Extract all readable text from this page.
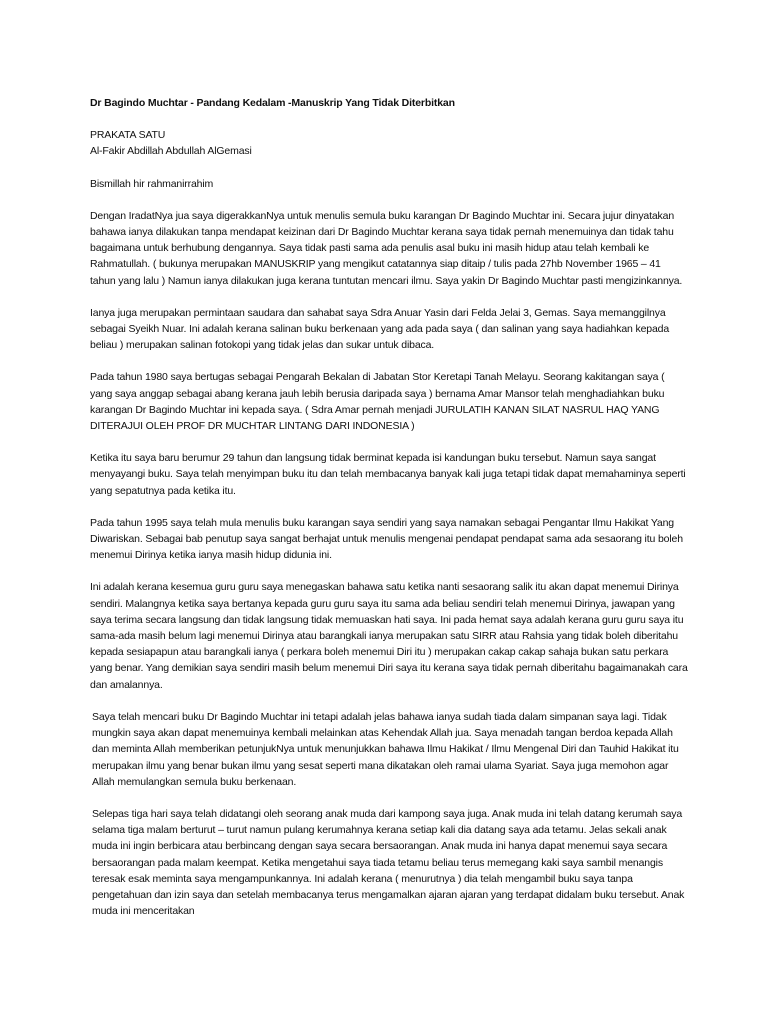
Dr Bagindo Muchtar - Pandang Kedalam -Manuskrip Yang Tidak Diterbitkan
PRAKATA SATU
Al-Fakir Abdillah Abdullah AlGemasi

Bismillah hir rahmanirrahim

Dengan IradatNya jua saya digerakkanNya untuk menulis semula buku karangan Dr Bagindo Muchtar ini. Secara jujur dinyatakan bahawa ianya dilakukan tanpa mendapat keizinan dari Dr Bagindo Muchtar kerana saya tidak pernah menemuinya dan tidak tahu bagaimana untuk berhubung dengannya. Saya tidak pasti sama ada penulis asal buku ini masih hidup atau telah kembali ke Rahmatullah. ( bukunya merupakan MANUSKRIP yang mengikut catatannya siap ditaip / tulis pada 27hb November 1965 – 41 tahun yang lalu ) Namun ianya dilakukan juga kerana tuntutan mencari ilmu. Saya yakin Dr Bagindo Muchtar pasti mengizinkannya.

Ianya juga merupakan permintaan saudara dan sahabat saya Sdra Anuar Yasin dari Felda Jelai 3, Gemas. Saya memanggilnya sebagai Syeikh Nuar. Ini adalah kerana salinan buku berkenaan yang ada pada saya ( dan salinan yang saya hadiahkan kepada beliau ) merupakan salinan fotokopi yang tidak jelas dan sukar untuk dibaca.

Pada tahun 1980 saya bertugas sebagai Pengarah Bekalan di Jabatan Stor Keretapi Tanah Melayu. Seorang kakitangan saya ( yang saya anggap sebagai abang kerana jauh lebih berusia daripada saya ) bernama Amar Mansor telah menghadiahkan buku karangan Dr Bagindo Muchtar ini kepada saya. ( Sdra Amar pernah menjadi JURULATIH KANAN SILAT NASRUL HAQ YANG DITERAJUI OLEH PROF DR MUCHTAR LINTANG DARI INDONESIA )

Ketika itu saya baru berumur 29 tahun dan langsung tidak berminat kepada isi kandungan buku tersebut. Namun saya sangat menyayangi buku. Saya telah menyimpan buku itu dan telah membacanya banyak kali juga tetapi tidak dapat memahaminya seperti yang sepatutnya pada ketika itu.

Pada tahun 1995 saya telah mula menulis buku karangan saya sendiri yang saya namakan sebagai Pengantar Ilmu Hakikat Yang Diwariskan. Sebagai bab penutup saya sangat berhajat untuk menulis mengenai pendapat pendapat sama ada sesaorang itu boleh menemui Dirinya ketika ianya masih hidup didunia ini.

Ini adalah kerana kesemua guru guru saya menegaskan bahawa satu ketika nanti sesaorang salik itu akan dapat menemui Dirinya sendiri. Malangnya ketika saya bertanya kepada guru guru saya itu sama ada beliau sendiri telah menemui Dirinya, jawapan yang saya terima secara langsung dan tidak langsung tidak memuaskan hati saya. Ini pada hemat saya adalah kerana guru guru saya itu sama-ada masih belum lagi menemui Dirinya atau barangkali ianya merupakan satu SIRR atau Rahsia yang tidak boleh diberitahu kepada sesiapapun atau barangkali ianya ( perkara boleh menemui Diri itu ) merupakan cakap cakap sahaja bukan satu perkara yang benar. Yang demikian saya sendiri masih belum menemui Diri saya itu kerana saya tidak pernah diberitahu bagaimanakah cara dan amalannya.

Saya telah mencari buku Dr Bagindo Muchtar ini tetapi adalah jelas bahawa ianya sudah tiada dalam simpanan saya lagi. Tidak mungkin saya akan dapat menemuinya kembali melainkan atas Kehendak Allah jua. Saya menadah tangan berdoa kepada Allah dan meminta Allah memberikan petunjukNya untuk menunjukkan bahawa Ilmu Hakikat / Ilmu Mengenal Diri dan Tauhid Hakikat itu merupakan ilmu yang benar bukan ilmu yang sesat seperti mana dikatakan oleh ramai ulama Syariat. Saya juga memohon agar Allah memulangkan semula buku berkenaan.

Selepas tiga hari saya telah didatangi oleh seorang anak muda dari kampong saya juga. Anak muda ini telah datang kerumah saya selama tiga malam berturut – turut namun pulang kerumahnya kerana setiap kali dia datang saya ada tetamu. Jelas sekali anak muda ini ingin berbicara atau berbincang dengan saya secara bersaorangan. Anak muda ini hanya dapat menemui saya secara bersaorangan pada malam keempat. Ketika mengetahui saya tiada tetamu beliau terus memegang kaki saya sambil menangis teresak esak meminta saya mengampunkannya. Ini adalah kerana ( menurutnya ) dia telah mengambil buku saya tanpa pengetahuan dan izin saya dan setelah membacanya terus mengamalkan ajaran ajaran yang terdapat didalam buku tersebut. Anak muda ini menceritakan
